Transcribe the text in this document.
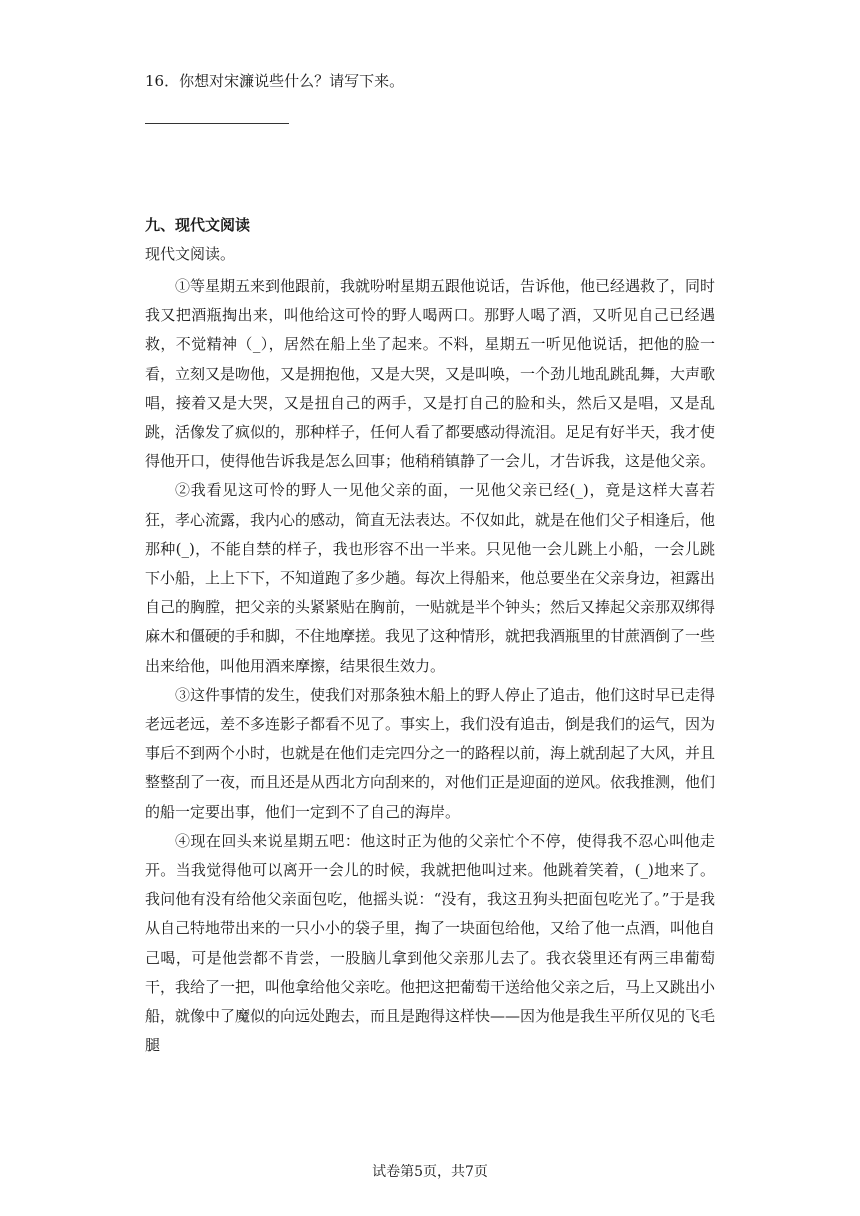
16．你想对宋濂说些什么？请写下来。
九、现代文阅读
现代文阅读。

①等星期五来到他跟前，我就吩咐星期五跟他说话，告诉他，他已经遇救了，同时我又把酒瓶掏出来，叫他给这可怜的野人喝两口。那野人喝了酒，又听见自己已经遇救，不觉精神（_），居然在船上坐了起来。不料，星期五一听见他说话，把他的脸一看，立刻又是吻他，又是拥抱他，又是大哭，又是叫唤，一个劲儿地乱跳乱舞，大声歌唱，接着又是大哭，又是扭自己的两手，又是打自己的脸和头，然后又是唱，又是乱跳，活像发了疯似的，那种样子，任何人看了都要感动得流泪。足足有好半天，我才使得他开口，使得他告诉我是怎么回事；他稍稍镇静了一会儿，才告诉我，这是他父亲。

②我看见这可怜的野人一见他父亲的面，一见他父亲已经(_)，竟是这样大喜若狂，孝心流露，我内心的感动，简直无法表达。不仅如此，就是在他们父子相逢后，他那种(_)，不能自禁的样子，我也形容不出一半来。只见他一会儿跳上小船，一会儿跳下小船，上上下下，不知道跑了多少趟。每次上得船来，他总要坐在父亲身边，袒露出自己的胸膛，把父亲的头紧紧贴在胸前，一贴就是半个钟头；然后又捧起父亲那双绑得麻木和僵硬的手和脚，不住地摩搓。我见了这种情形，就把我酒瓶里的甘蔗酒倒了一些出来给他，叫他用酒来摩擦，结果很生效力。

③这件事情的发生，使我们对那条独木船上的野人停止了追击，他们这时早已走得老远老远，差不多连影子都看不见了。事实上，我们没有追击，倒是我们的运气，因为事后不到两个小时，也就是在他们走完四分之一的路程以前，海上就刮起了大风，并且整整刮了一夜，而且还是从西北方向刮来的，对他们正是迎面的逆风。依我推测，他们的船一定要出事，他们一定到不了自己的海岸。

④现在回头来说星期五吧：他这时正为他的父亲忙个不停，使得我不忍心叫他走开。当我觉得他可以离开一会儿的时候，我就把他叫过来。他跳着笑着，(_)地来了。我问他有没有给他父亲面包吃，他摇头说：“没有，我这丑狗头把面包吃光了。”于是我从自己特地带出来的一只小小的袋子里，掏了一块面包给他，又给了他一点酒，叫他自己喝，可是他尝都不肯尝，一股脑儿拿到他父亲那儿去了。我衣袋里还有两三串葡萄干，我给了一把，叫他拿给他父亲吃。他把这把葡萄干送给他父亲之后，马上又跳出小船，就像中了魔似的向远处跑去，而且是跑得这样快——因为他是我生平所仅见的飞毛腿

试卷第5页，共7页
